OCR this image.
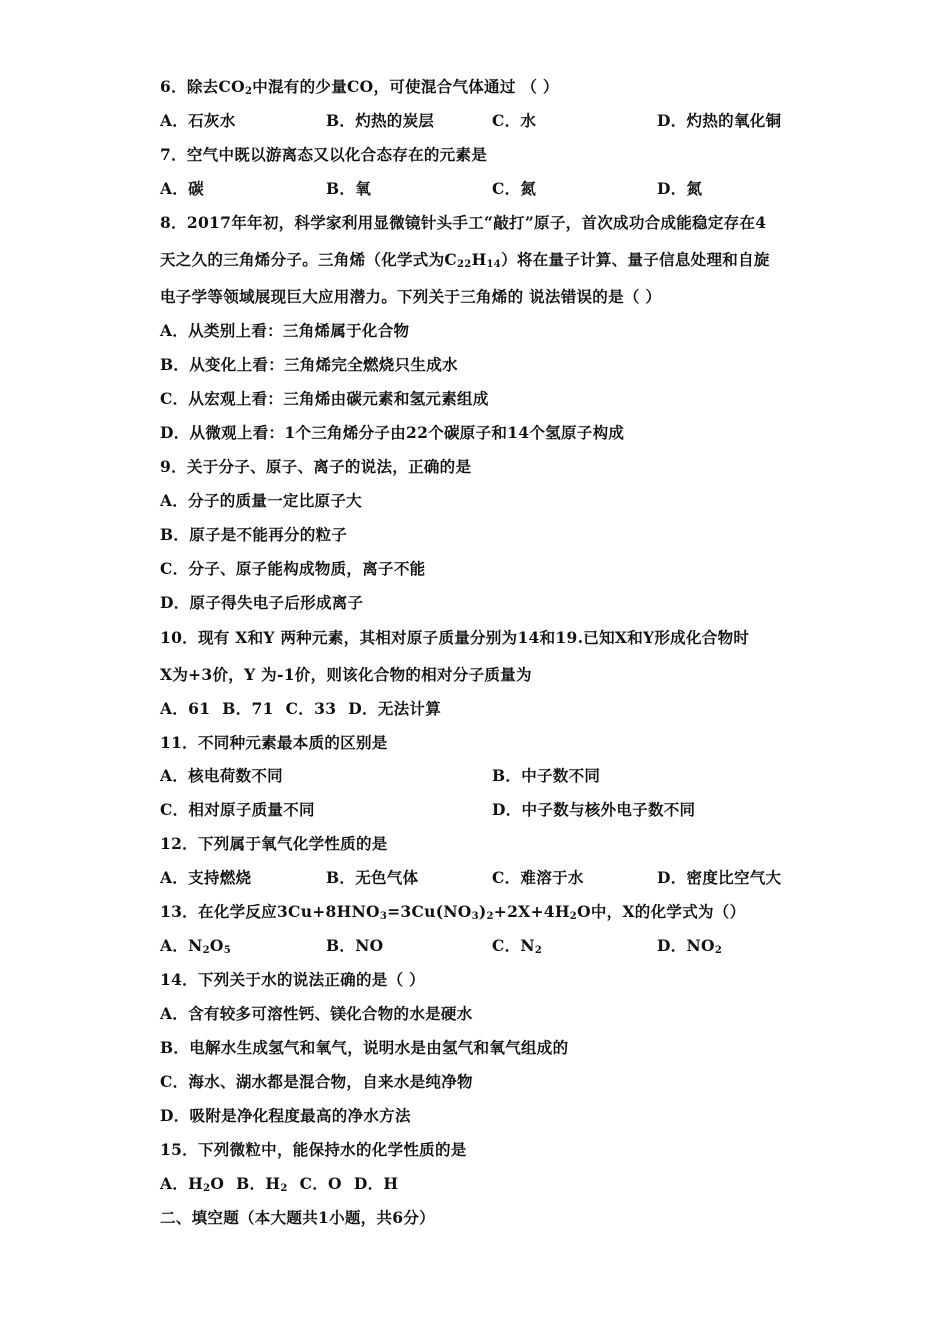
6．除去$CO_2$中混有的少量CO，可使混合气体通过 （ ）
A．石灰水	B．灼热的炭层	C．水	D．灼热的氧化铜
7．空气中既以游离态又以化合态存在的元素是
A．碳	B．氧	C．氮	D．氮
8．2017年年初，科学家利用显微镜针头手工“敲打”原子，首次成功合成能稳定存在4
天之久的三角烯分子。三角烯（化学式为$C_{22}H_{14}$）将在量子计算、量子信息处理和自旋
电子学等领域展现巨大应用潜力。下列关于三角烯的 说法错误的是（ ）
A．从类别上看：三角烯属于化合物
B．从变化上看：三角烯完全燃烧只生成水
C．从宏观上看：三角烯由碳元素和氢元素组成
D．从微观上看：1个三角烯分子由22个碳原子和14个氢原子构成
9．关于分子、原子、离子的说法，正确的是
A．分子的质量一定比原子大
B．原子是不能再分的粒子
C．分子、原子能构成物质，离子不能
D．原子得失电子后形成离子
10．现有 X和Y 两种元素，其相对原子质量分别为14和19.已知X和Y形成化合物时
X为+3价，Y 为-1价，则该化合物的相对分子质量为
A．61 B．71 C．33 D．无法计算
11．不同种元素最本质的区别是
A．核电荷数不同	B．中子数不同
C．相对原子质量不同	D．中子数与核外电子数不同
12．下列属于氧气化学性质的是
A．支持燃烧	B．无色气体	C．难溶于水	D．密度比空气大
13．在化学反应$3Cu+8HNO_3=3Cu(NO_3)_2+2X+4H_2O$中，X的化学式为（）
A．$N_2O_5$	B．NO	C．$N_2$	D．$NO_2$
14．下列关于水的说法正确的是（ ）
A．含有较多可溶性钙、镁化合物的水是硬水
B．电解水生成氢气和氧气，说明水是由氢气和氧气组成的
C．海水、湖水都是混合物，自来水是纯净物
D．吸附是净化程度最高的净水方法
15．下列微粒中，能保持水的化学性质的是
A．$H_2O$ B．$H_2$ C．O D．H
二、填空题（本大题共1小题，共6分）
